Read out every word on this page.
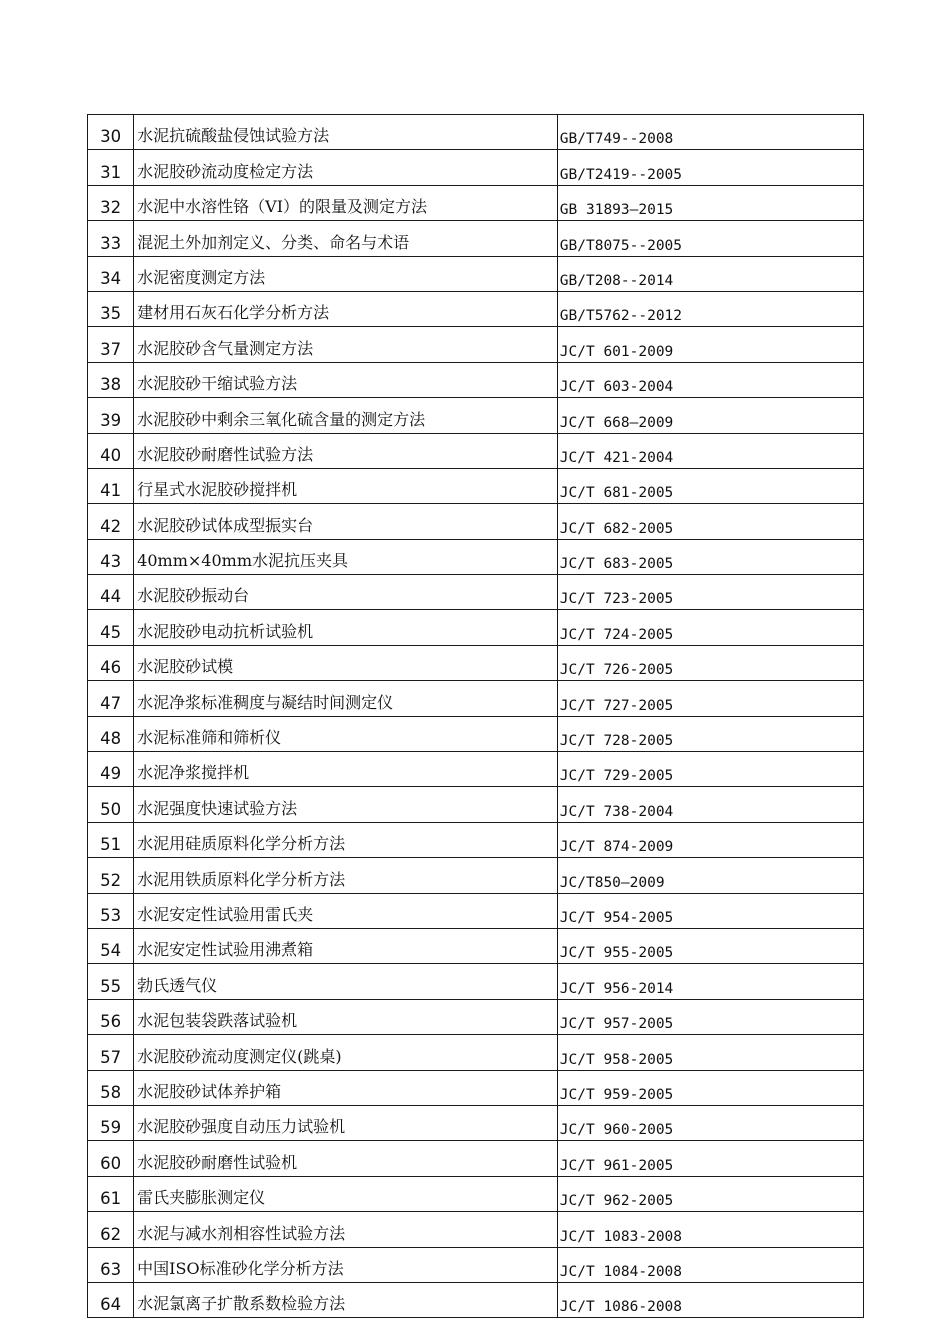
30	水泥抗硫酸盐侵蚀试验方法	GB/T749--2008
31	水泥胶砂流动度检定方法	GB/T2419--2005
32	水泥中水溶性铬（VI）的限量及测定方法	GB 31893—2015
33	混泥土外加剂定义、分类、命名与术语	GB/T8075--2005
34	水泥密度测定方法	GB/T208--2014
35	建材用石灰石化学分析方法	GB/T5762--2012
37	水泥胶砂含气量测定方法	JC/T 601-2009
38	水泥胶砂干缩试验方法	JC/T 603-2004
39	水泥胶砂中剩余三氧化硫含量的测定方法	JC/T 668—2009
40	水泥胶砂耐磨性试验方法	JC/T 421-2004
41	行星式水泥胶砂搅拌机	JC/T 681-2005
42	水泥胶砂试体成型振实台	JC/T 682-2005
43	40mm×40mm水泥抗压夹具	JC/T 683-2005
44	水泥胶砂振动台	JC/T 723-2005
45	水泥胶砂电动抗析试验机	JC/T 724-2005
46	水泥胶砂试模	JC/T 726-2005
47	水泥净浆标准稠度与凝结时间测定仪	JC/T 727-2005
48	水泥标准筛和筛析仪	JC/T 728-2005
49	水泥净浆搅拌机	JC/T 729-2005
50	水泥强度快速试验方法	JC/T 738-2004
51	水泥用硅质原料化学分析方法	JC/T 874-2009
52	水泥用铁质原料化学分析方法	JC/T850—2009
53	水泥安定性试验用雷氏夹	JC/T 954-2005
54	水泥安定性试验用沸煮箱	JC/T 955-2005
55	勃氏透气仪	JC/T 956-2014
56	水泥包装袋跌落试验机	JC/T 957-2005
57	水泥胶砂流动度测定仪(跳桌)	JC/T 958-2005
58	水泥胶砂试体养护箱	JC/T 959-2005
59	水泥胶砂强度自动压力试验机	JC/T 960-2005
60	水泥胶砂耐磨性试验机	JC/T 961-2005
61	雷氏夹膨胀测定仪	JC/T 962-2005
62	水泥与减水剂相容性试验方法	JC/T 1083-2008
63	中国ISO标准砂化学分析方法	JC/T 1084-2008
64	水泥氯离子扩散系数检验方法	JC/T 1086-2008
